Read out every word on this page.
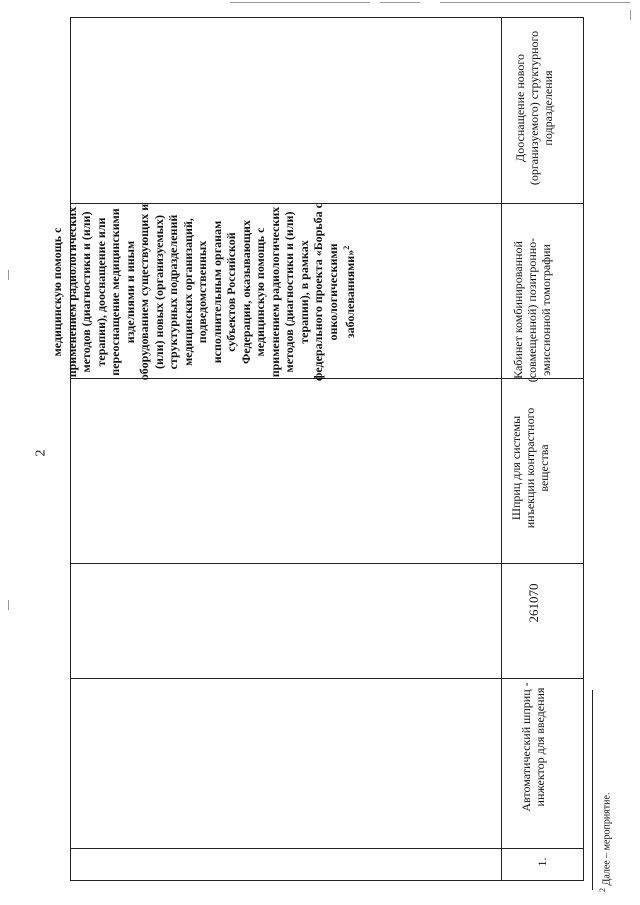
2
1.
Автоматический шприц - инжектор для введения
261070
Шприц для системы инъекции контрастного вещества
Кабинет комбинированной (совмещенной) позитронно-эмиссионной томографии
Дооснащение нового (организуемого) структурного подразделения
медицинскую помощь с применением радиологических методов (диагностики и (или) терапии), дооснащение или переоснащение медицинскими изделиями и иным оборудованием существующих и (или) новых (организуемых) структурных подразделений медицинских организаций, подведомственных исполнительным органам субъектов Российской Федерации, оказывающих медицинскую помощь с применением радиологических методов (диагностики и (или) терапии), в рамках федерального проекта «Борьба с онкологическими заболеваниями»$^2$
$^2$ Далее – мероприятие.
